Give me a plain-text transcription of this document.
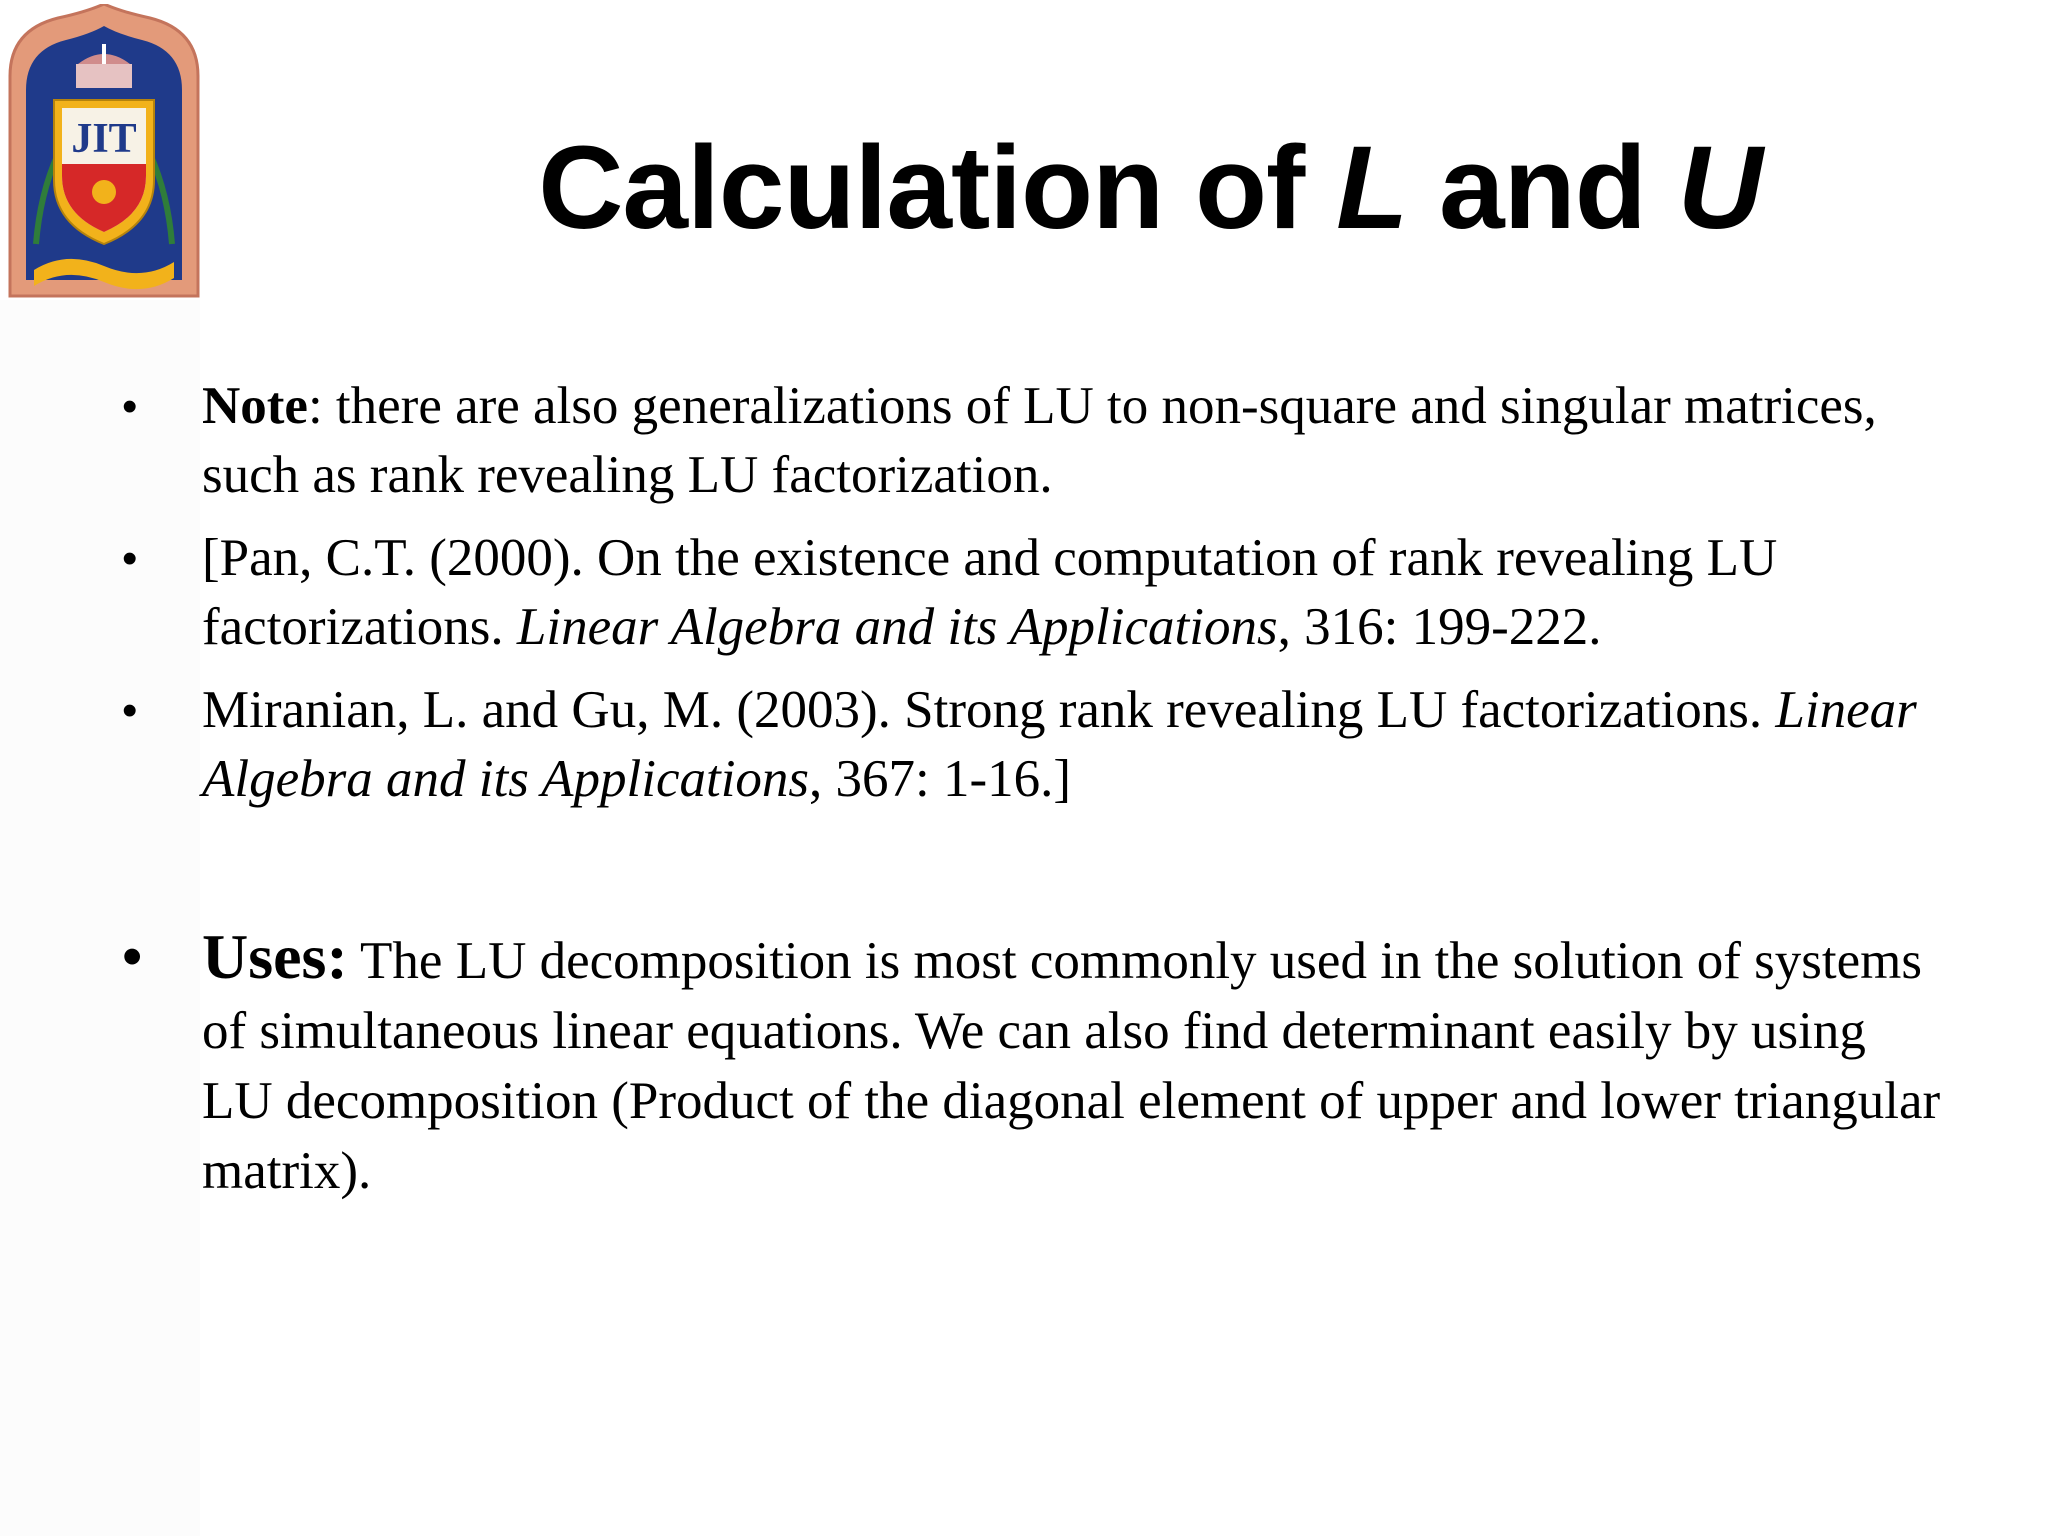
JIT	Calculation of L and U
•	Note: there are also generalizations of LU to non-square and singular matrices, such as rank revealing LU factorization.
•	[Pan, C.T. (2000). On the existence and computation of rank revealing LU factorizations. Linear Algebra and its Applications, 316: 199-222.
•	Miranian, L. and Gu, M. (2003). Strong rank revealing LU factorizations. Linear Algebra and its Applications, 367: 1-16.]
• Uses: The LU decomposition is most commonly used in the solution of systems of simultaneous linear equations. We can also find determinant easily by using LU decomposition (Product of the diagonal element of upper and lower triangular matrix).
